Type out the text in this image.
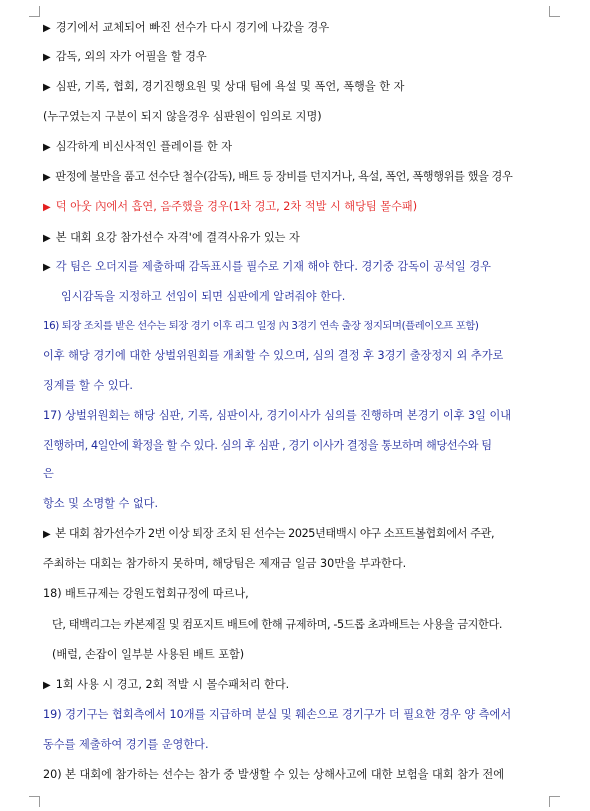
▶ 경기에서 교체되어 빠진 선수가 다시 경기에 나갔을 경우
▶ 감독, 외의 자가 어필을 할 경우
▶ 심판, 기록, 협회, 경기진행요원 및 상대 팀에 욕설 및 폭언, 폭행을 한 자
(누구였는지 구분이 되지 않을경우 심판원이 임의로 지명)
▶ 심각하게 비신사적인 플레이를 한 자
▶ 판정에 불만을 품고 선수단 철수(감독), 배트 등 장비를 던지거나, 욕설, 폭언, 폭행행위를 했을 경우
▶ 덕 아웃 內에서 흡연, 음주했을 경우(1차 경고, 2차 적발 시 해당팀 몰수패)
▶ 본 대회 요강 참가선수 자격'에 결격사유가 있는 자
▶ 각 팀은 오더지를 제출하때 감독표시를 필수로 기재 해야 한다. 경기중 감독이 공석일 경우
임시감독을 지정하고 선임이 되면 심판에게 알려줘야 한다.
16) 퇴장 조치를 받은 선수는 퇴장 경기 이후 리그 일정 內 3경기 연속 출장 정지되며(플레이오프 포함)
이후 해당 경기에 대한 상벌위원회를 개최할 수 있으며, 심의 결정 후 3경기 출장정지 외 추가로
징계를 할 수 있다.
17) 상벌위원회는 해당 심판, 기록, 심판이사, 경기이사가 심의를 진행하며 본경기 이후 3일 이내
진행하며, 4일안에 확정을 할 수 있다. 심의 후 심판 , 경기 이사가 결정을 통보하며 해당선수와 팀
은
항소 및 소명할 수 없다.
▶ 본 대회 참가선수가 2번 이상 퇴장 조치 된 선수는 2025년태백시 야구 소프트볼협회에서 주관,
주최하는 대회는 참가하지 못하며, 해당팀은 제재금 일금 30만을 부과한다.
18) 배트규제는 강원도협회규정에 따르나,
단, 태백리그는 카본제질 및 컴포지트 배트에 한해 규제하며, -5드롭 초과배트는 사용을 금지한다.
(배럴, 손잡이 일부분 사용된 배트 포함)
▶ 1회 사용 시 경고, 2회 적발 시 몰수패처리 한다.
19) 경기구는 협회측에서 10개를 지급하며 분실 및 훼손으로 경기구가 더 필요한 경우 양 측에서
동수를 제출하여 경기를 운영한다.
20) 본 대회에 참가하는 선수는 참가 중 발생할 수 있는 상해사고에 대한 보험을 대회 참가 전에
